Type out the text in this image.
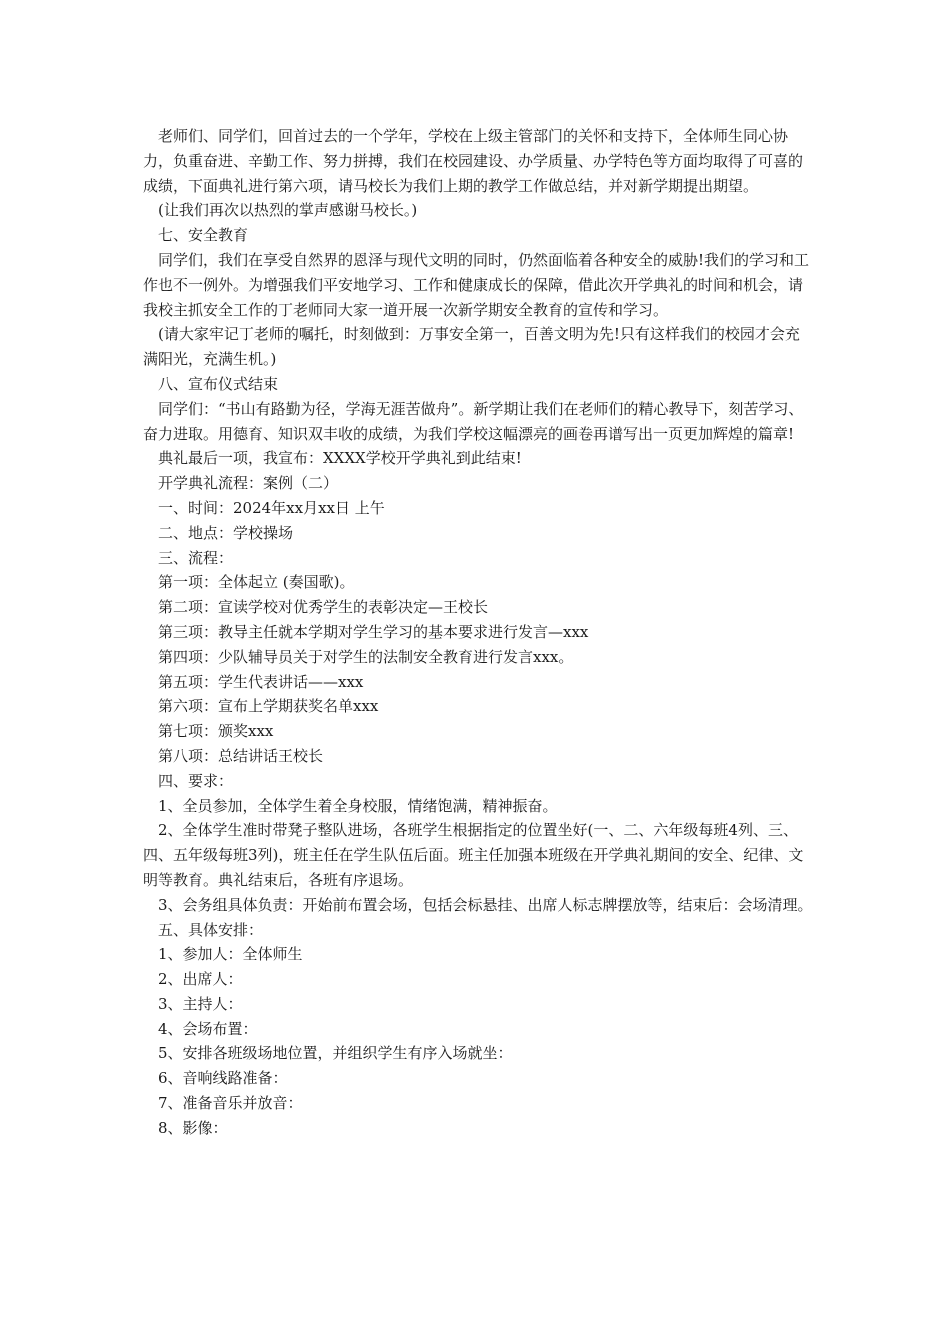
老师们、同学们，回首过去的一个学年，学校在上级主管部门的关怀和支持下，全体师生同心协力，负重奋进、辛勤工作、努力拼搏，我们在校园建设、办学质量、办学特色等方面均取得了可喜的成绩，下面典礼进行第六项，请马校长为我们上期的教学工作做总结，并对新学期提出期望。

(让我们再次以热烈的掌声感谢马校长。)

七、安全教育

同学们，我们在享受自然界的恩泽与现代文明的同时，仍然面临着各种安全的威胁!我们的学习和工作也不一例外。为增强我们平安地学习、工作和健康成长的保障，借此次开学典礼的时间和机会，请我校主抓安全工作的丁老师同大家一道开展一次新学期安全教育的宣传和学习。

(请大家牢记丁老师的嘱托，时刻做到：万事安全第一，百善文明为先!只有这样我们的校园才会充满阳光，充满生机。)

八、宣布仪式结束

同学们：“书山有路勤为径，学海无涯苦做舟”。新学期让我们在老师们的精心教导下，刻苦学习、奋力进取。用德育、知识双丰收的成绩，为我们学校这幅漂亮的画卷再谱写出一页更加辉煌的篇章!

典礼最后一项，我宣布：XXXX学校开学典礼到此结束!

开学典礼流程：案例（二）

一、时间：2024年xx月xx日 上午

二、地点：学校操场

三、流程：

第一项：全体起立 (奏国歌)。

第二项：宣读学校对优秀学生的表彰决定—王校长

第三项：教导主任就本学期对学生学习的基本要求进行发言—xxx

第四项：少队辅导员关于对学生的法制安全教育进行发言xxx。

第五项：学生代表讲话——xxx

第六项：宣布上学期获奖名单xxx

第七项：颁奖xxx

第八项：总结讲话王校长

四、要求：

1、全员参加，全体学生着全身校服，情绪饱满，精神振奋。

2、全体学生准时带凳子整队进场，各班学生根据指定的位置坐好(一、二、六年级每班4列、三、四、五年级每班3列)，班主任在学生队伍后面。班主任加强本班级在开学典礼期间的安全、纪律、文明等教育。典礼结束后，各班有序退场。

3、会务组具体负责：开始前布置会场，包括会标悬挂、出席人标志牌摆放等，结束后：会场清理。

五、具体安排：

1、参加人：全体师生

2、出席人：

3、主持人：

4、会场布置：

5、安排各班级场地位置，并组织学生有序入场就坐：

6、音响线路准备：

7、准备音乐并放音：

8、影像：
